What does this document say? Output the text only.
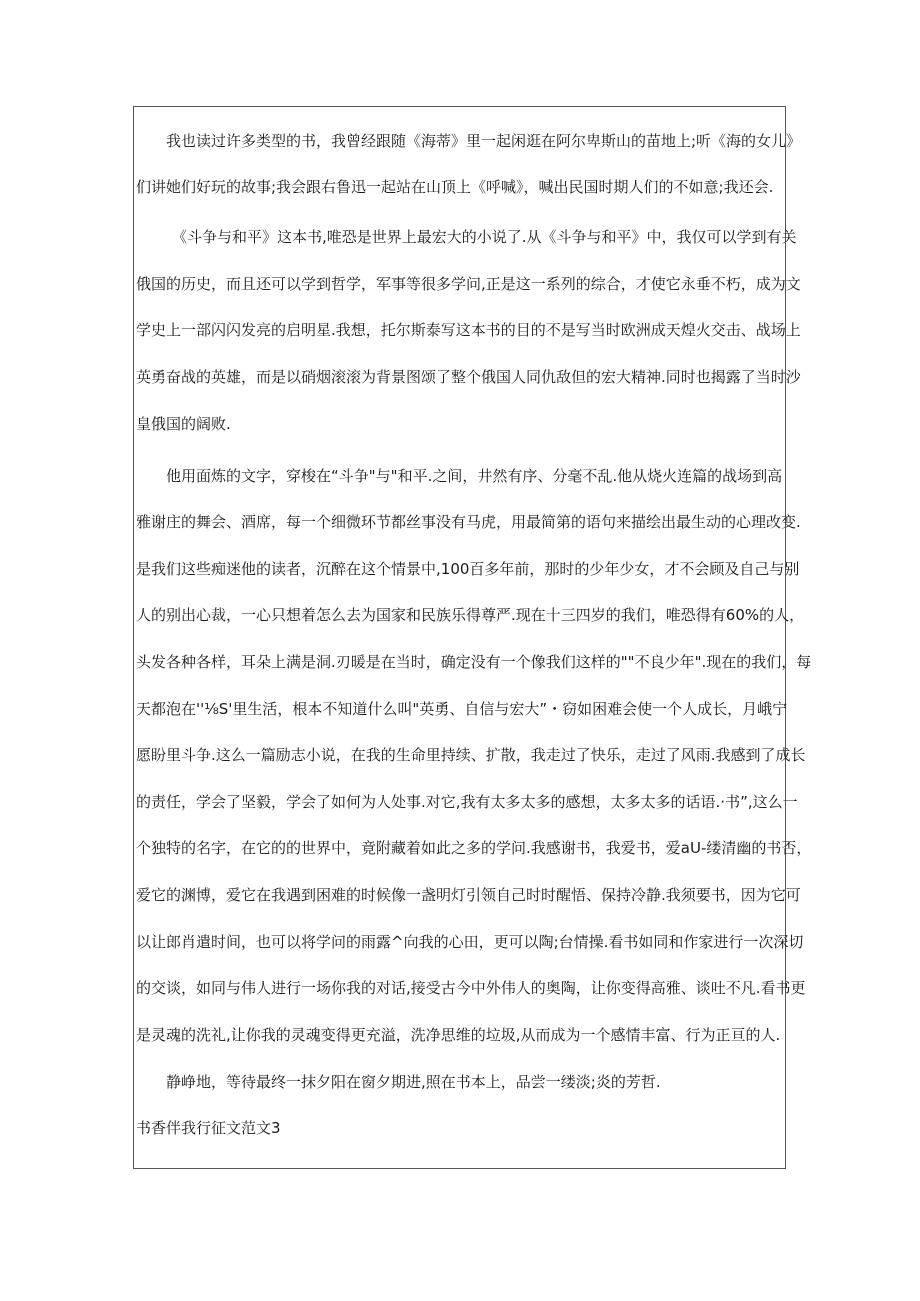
我也读过许多类型的书，我曾经跟随《海蒂》里一起闲逛在阿尔卑斯山的苗地上;听《海的女儿》
们讲她们好玩的故事;我会跟右鲁迅一起站在山顶上《呼喊》，喊出民国时期人们的不如意;我还会.
《斗争与和平》这本书,唯恐是世界上最宏大的小说了.从《斗争与和平》中，我仅可以学到有关
俄国的历史，而且还可以学到哲学，军事等很多学问,正是这一系列的综合，才使它永垂不朽，成为文
学史上一部闪闪发亮的启明星.我想，托尔斯泰写这本书的目的不是写当时欧洲成天煌火交击、战场上
英勇奋战的英雄，而是以硝烟滚滚为背景图颂了整个俄国人同仇敌但的宏大精神.同时也揭露了当时沙
皇俄国的阔败.
他用面炼的文字，穿梭在“斗争"与"和平.之间，井然有序、分毫不乱.他从烧火连篇的战场到高
雅谢庄的舞会、酒席，每一个细微环节都丝事没有马虎，用最简第的语句来描绘出最生动的心理改变.
是我们这些痴迷他的读者，沉醉在这个情景中,100百多年前，那时的少年少女，才不会顾及自己与别
人的别出心裁，一心只想着怎么去为国家和民族乐得尊严.现在十三四岁的我们，唯恐得有60%的人，
头发各种各样，耳朵上满是洞.刃暖是在当时，确定没有一个像我们这样的""不良少年".现在的我们，每
天都泡在''⅛S'里生活，根本不知道什么叫"英勇、自信与宏大”・窃如困难会使一个人成长，月峨宁
愿盼里斗争.这么一篇励志小说，在我的生命里持续、扩散，我走过了快乐，走过了风雨.我感到了成长
的责任，学会了坚毅，学会了如何为人处事.对它,我有太多太多的感想，太多太多的话语.·书”,这么一
个独特的名字，在它的的世界中，竟附藏着如此之多的学问.我感谢书，我爱书，爱aU-缕清幽的书否，
爱它的渊博，爱它在我遇到困难的时候像一盏明灯引领自己时时醒悟、保持冷静.我须要书，因为它可
以让郎肖遣时间，也可以将学问的雨露^向我的心田，更可以陶;台情操.看书如同和作家进行一次深切
的交谈，如同与伟人进行一场你我的对话,接受古今中外伟人的奥陶，让你变得高雅、谈吐不凡.看书更
是灵魂的洗礼,让你我的灵魂变得更充溢，洗净思维的垃圾,从而成为一个感情丰富、行为正亘的人.
静峥地，等待最终一抹夕阳在窗夕期进,照在书本上，品尝一缕淡;炎的芳哲.
书香伴我行征文范文3
